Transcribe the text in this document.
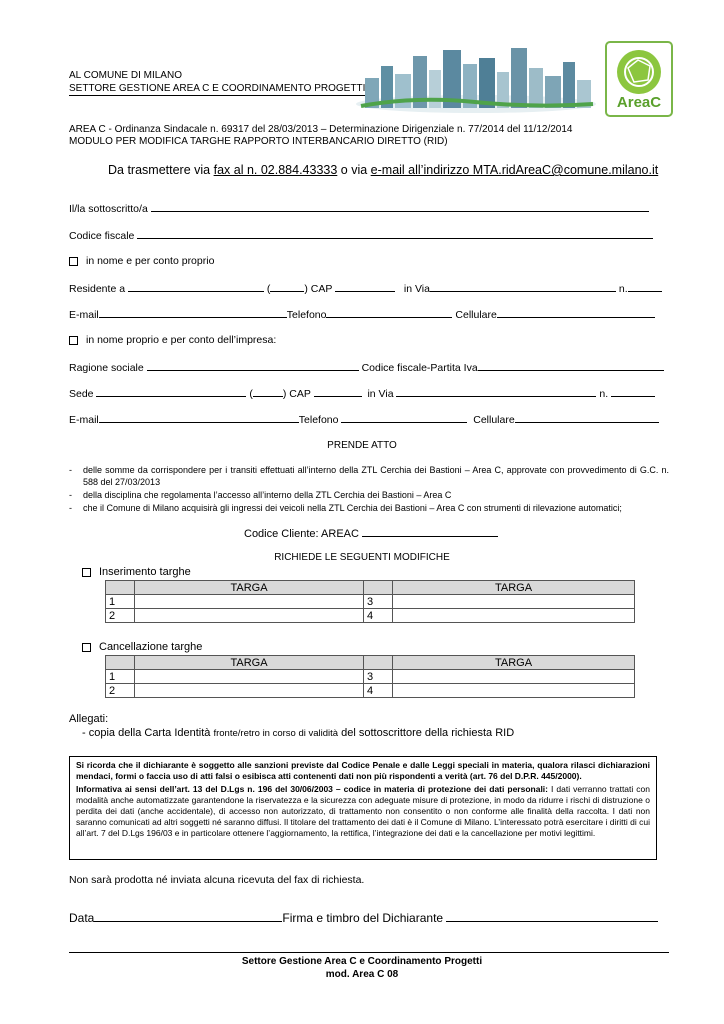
AL COMUNE DI MILANO
SETTORE GESTIONE AREA C E COORDINAMENTO PROGETTI
AreaC
AREA C - Ordinanza Sindacale n. 69317 del 28/03/2013 – Determinazione Dirigenziale n. 77/2014 del 11/12/2014
MODULO PER MODIFICA TARGHE RAPPORTO INTERBANCARIO DIRETTO (RID)
Da trasmettere via fax al n. 02.884.43333 o via e-mail all’indirizzo MTA.ridAreaC@comune.milano.it
Il/la sottoscritto/a
Codice fiscale
in nome e per conto proprio
Residente a	(	) CAP	in Via	n.
E-mail	Telefono	Cellulare
in nome proprio e per conto dell’impresa:
Ragione sociale	Codice fiscale-Partita Iva
Sede	(	) CAP	in Via	n.
E-mail	Telefono	Cellulare
PRENDE ATTO
- delle somme da corrispondere per i transiti effettuati all’interno della ZTL Cerchia dei Bastioni – Area C, approvate con provvedimento di G.C. n. 588 del 27/03/2013
- della disciplina che regolamenta l’accesso all’interno della ZTL Cerchia dei Bastioni – Area C
- che il Comune di Milano acquisirà gli ingressi dei veicoli nella ZTL Cerchia dei Bastioni – Area C con strumenti di rilevazione automatici;
Codice Cliente: AREAC
RICHIEDE LE SEGUENTI MODIFICHE
Inserimento targhe
	TARGA		TARGA
1		3	
2		4	
Cancellazione targhe
	TARGA		TARGA
1		3	
2		4	
Allegati:
- copia della Carta Identità fronte/retro in corso di validità del sottoscrittore della richiesta RID

Si ricorda che il dichiarante è soggetto alle sanzioni previste dal Codice Penale e dalle Leggi speciali in materia, qualora rilasci dichiarazioni mendaci, formi o faccia uso di atti falsi o esibisca atti contenenti dati non più rispondenti a verità (art. 76 del D.P.R. 445/2000).

Informativa ai sensi dell’art. 13 del D.Lgs n. 196 del 30/06/2003 – codice in materia di protezione dei dati personali: I dati verranno trattati con modalità anche automatizzate garantendone la riservatezza e la sicurezza con adeguate misure di protezione, in modo da ridurre i rischi di distruzione o perdita dei dati (anche accidentale), di accesso non autorizzato, di trattamento non consentito o non conforme alle finalità della raccolta. I dati non saranno comunicati ad altri soggetti né saranno diffusi. Il titolare del trattamento dei dati è il Comune di Milano. L’interessato potrà esercitare i diritti di cui all’art. 7 del D.Lgs 196/03 e in particolare ottenere l’aggiornamento, la rettifica, l’integrazione dei dati e la cancellazione per motivi legittimi.

Non sarà prodotta né inviata alcuna ricevuta del fax di richiesta.
Data	Firma e timbro del Dichiarante
Settore Gestione Area C e Coordinamento Progetti
mod. Area C 08
